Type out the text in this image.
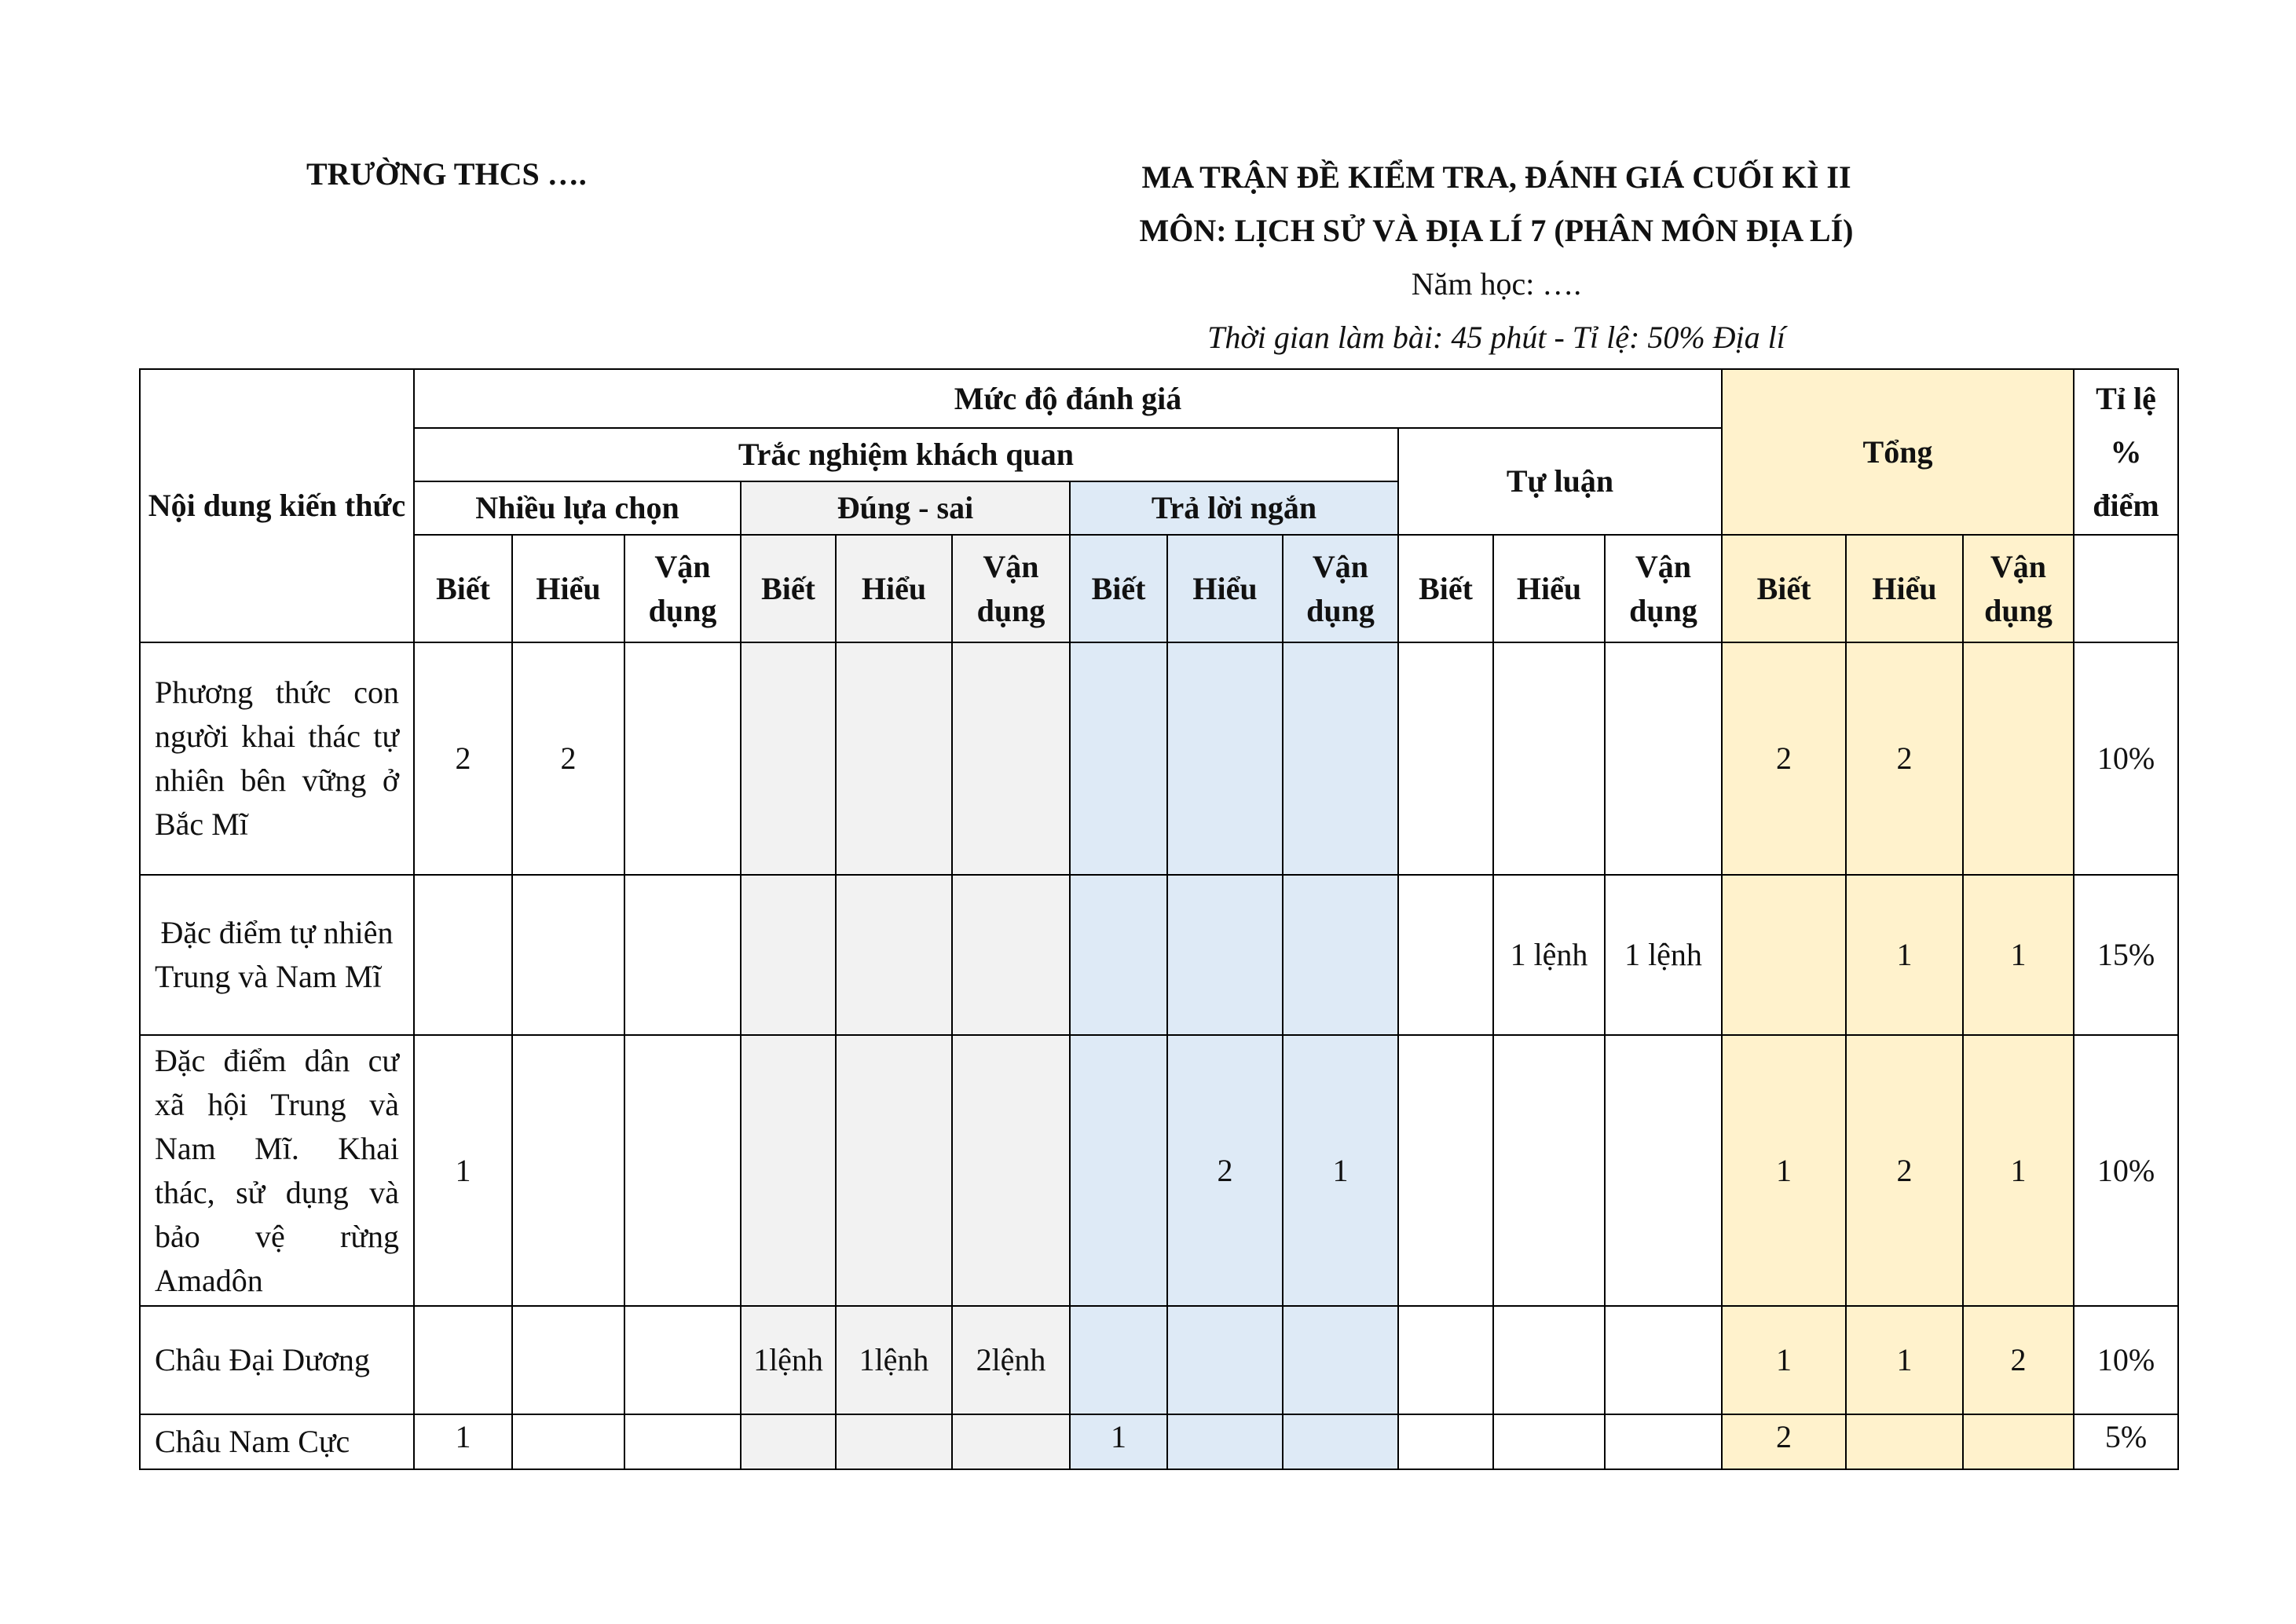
TRƯỜNG THCS ….	MA TRẬN ĐỀ KIỂM TRA, ĐÁNH GIÁ CUỐI KÌ II
MÔN: LỊCH SỬ VÀ ĐỊA LÍ 7 (PHÂN MÔN ĐỊA LÍ)
Năm học: ….
Thời gian làm bài: 45 phút - Tỉ lệ: 50% Địa lí
Nội dung kiến thức	Mức độ đánh giá												Tổng			Tỉ lệ % điểm
	Trắc nghiệm khách quan									Tự luận						
	Nhiều lựa chọn			Đúng - sai			Trả lời ngắn									
	Biết	Hiểu	Vận dụng	Biết	Hiểu	Vận dụng	Biết	Hiểu	Vận dụng	Biết	Hiểu	Vận dụng	Biết	Hiểu	Vận dụng	
Phương thức con người khai thác tự nhiên bên vững ở Bắc Mĩ	2	2											2	2		10%
Đặc điểm tự nhiên Trung và Nam Mĩ											1 lệnh	1 lệnh		1	1	15%
Đặc điểm dân cư xã hội Trung và Nam Mĩ. Khai thác, sử dụng và bảo vệ rừng Amadôn	1							2	1				1	2	1	10%
Châu Đại Dương				1lệnh	1lệnh	2lệnh							1	1	2	10%
Châu Nam Cực	1						1						2			5%
